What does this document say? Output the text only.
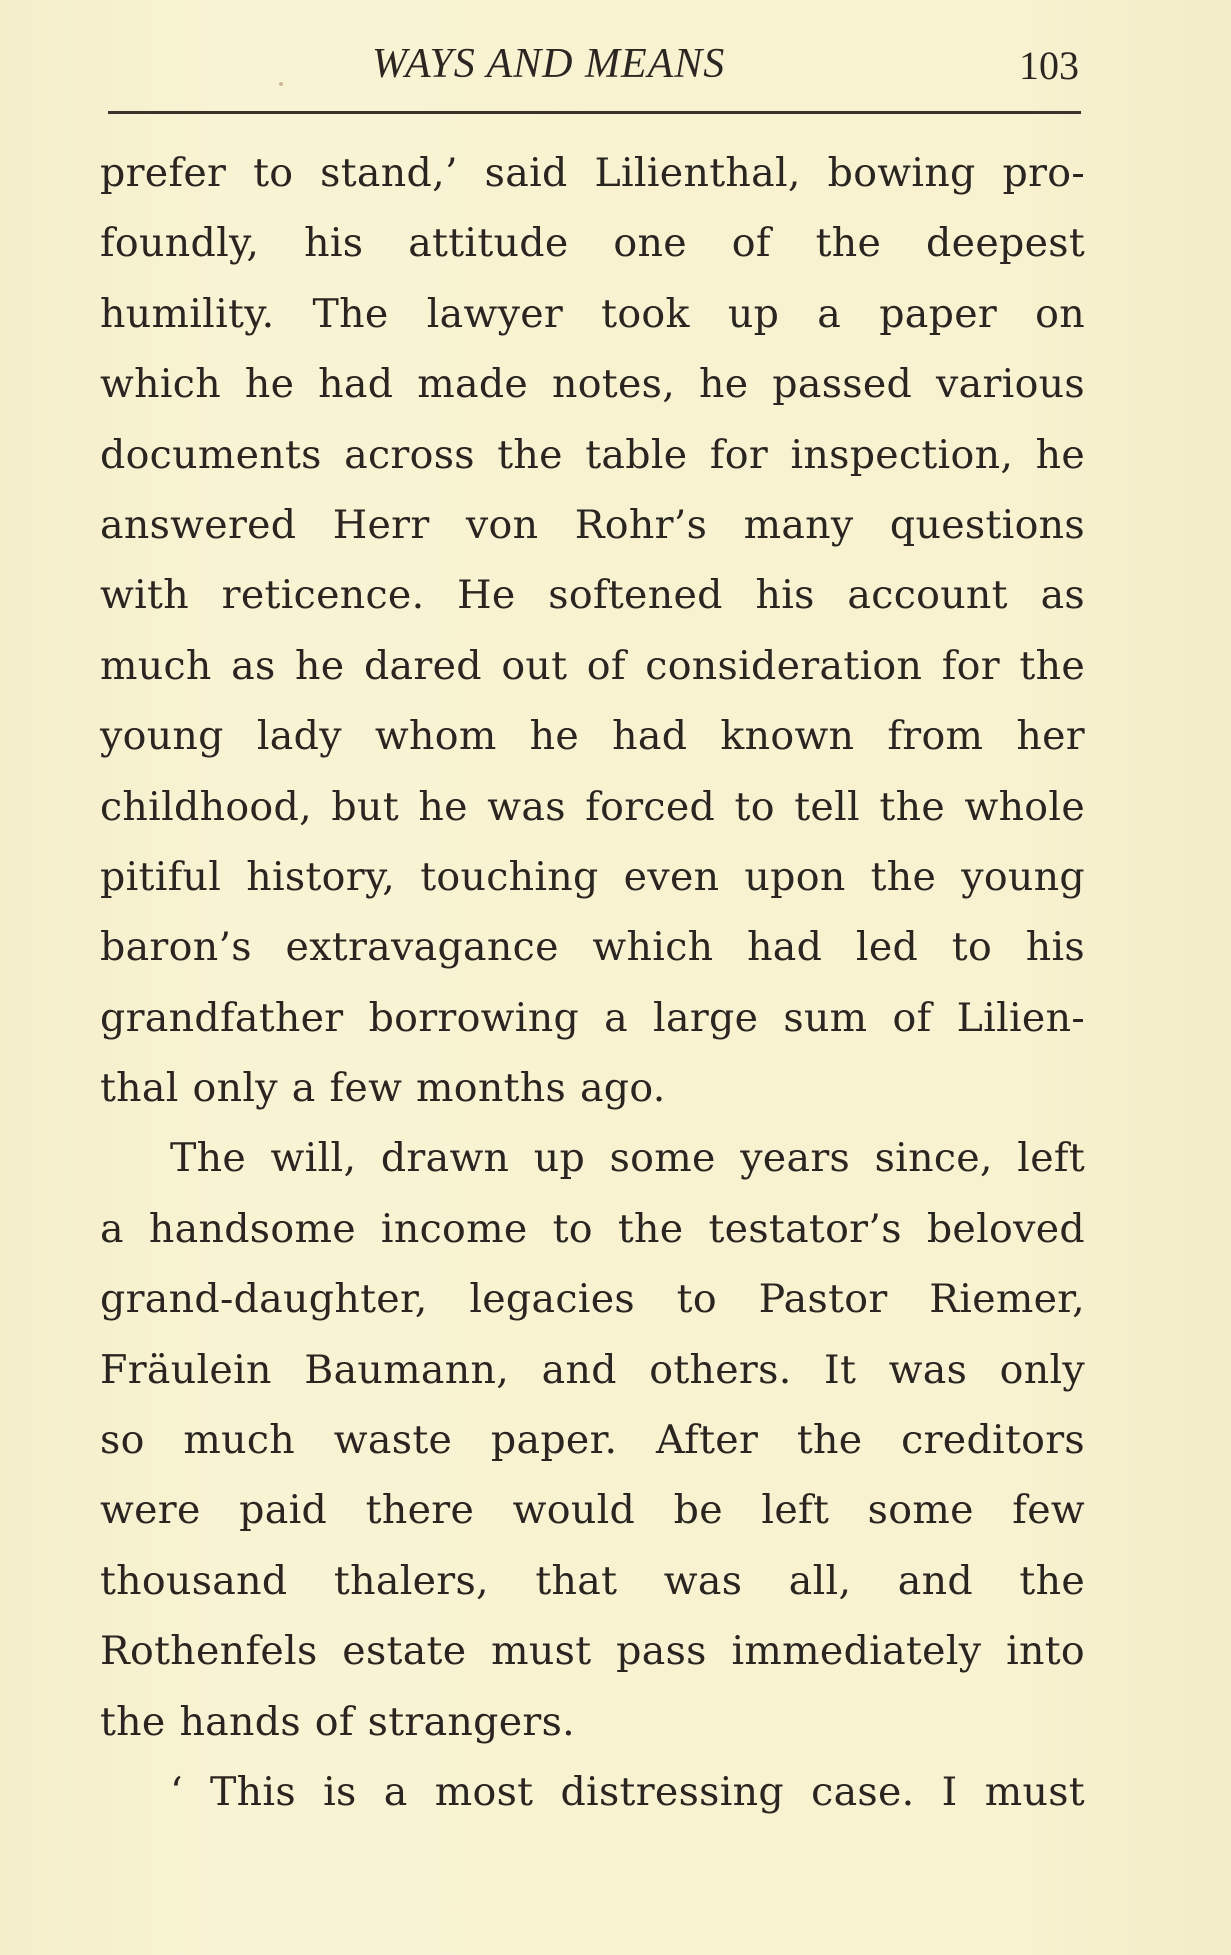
WAYS AND MEANS	103
prefer to stand,’ said Lilienthal, bowing pro-
foundly, his attitude one of the deepest
humility. The lawyer took up a paper on
which he had made notes, he passed various
documents across the table for inspection, he
answered Herr von Rohr’s many questions
with reticence. He softened his account as
much as he dared out of consideration for the
young lady whom he had known from her
childhood, but he was forced to tell the whole
pitiful history, touching even upon the young
baron’s extravagance which had led to his
grandfather borrowing a large sum of Lilien-
thal only a few months ago.
The will, drawn up some years since, left
a handsome income to the testator’s beloved
grand-daughter, legacies to Pastor Riemer,
Fräulein Baumann, and others. It was only
so much waste paper. After the creditors
were paid there would be left some few
thousand thalers, that was all, and the
Rothenfels estate must pass immediately into
the hands of strangers.
‘ This is a most distressing case. I must
